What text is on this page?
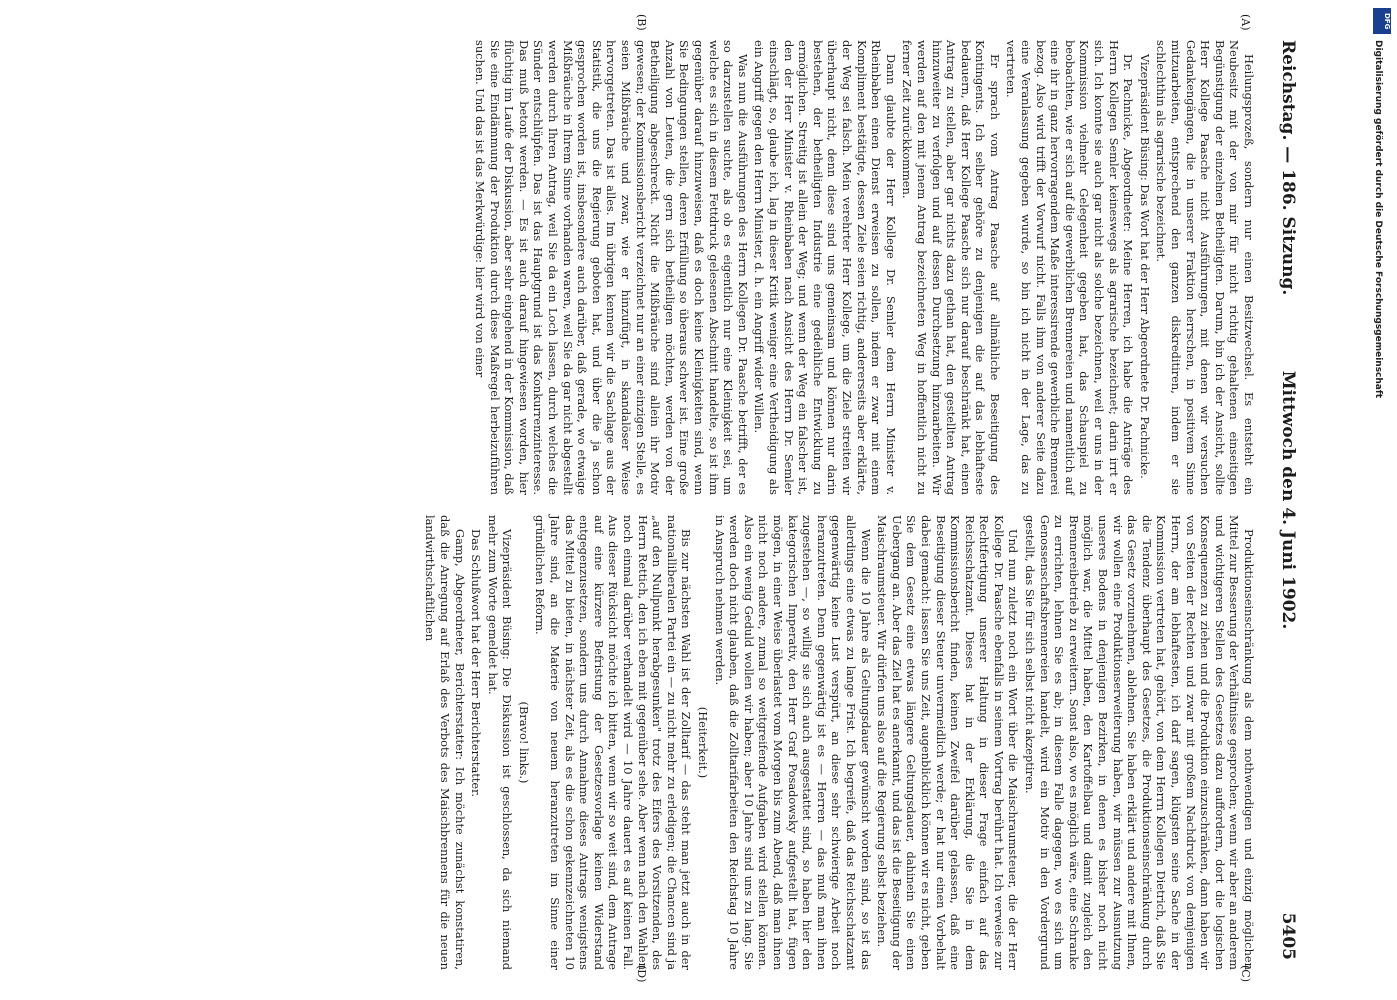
Reichstag. — 186. Sitzung.
Mittwoch den 4. Juni 1902.
5405
(A)
(B)
(C)
(D)

Heilungsprozeß, sondern nur einen Besitzwechsel. Es entsteht ein Neubesitz mit der von mir für nicht richtig gehaltenen einseitigen Begünstigung der einzelnen Betheiligten. Darum, bin ich der Ansicht, sollte Herr Kollege Paasche nicht Ausführungen, mit denen wir versuchen Gedankengängen, die in unserer Fraktion herrschen, in positivem Sinne mitzuarbeiten, entsprechend den ganzen diskreditiren, indem er sie schlechthin als agrarische bezeichnet.

Vizepräsident Büsing: Das Wort hat der Herr Abgeordnete Dr. Pachnicke.

Dr. Pachnicke, Abgeordneter: Meine Herren, ich habe die Anträge des Herrn Kollegen Semler keineswegs als agrarische bezeichnet; darin irrt er sich. Ich konnte sie auch gar nicht als solche bezeichnen, weil er uns in der Kommission vielmehr Gelegenheit gegeben hat, das Schauspiel zu beobachten, wie er sich auf die gewerblichen Brennereien und namentlich auf eine ihr in ganz hervorragendem Maße interessirende gewerbliche Brennerei bezog. Also wird trifft der Vorwurf nicht. Falls ihm von anderer Seite dazu eine Veranlassung gegeben wurde, so bin ich nicht in der Lage, das zu vertreten.

Er sprach vom Antrag Paasche auf allmähliche Beseitigung des Kontingents. Ich selber gehöre zu denjenigen die auf das lebhafteste bedauern, daß Herr Kollege Paasche sich nur darauf beschränkt hat, einen Antrag zu stellen, aber gar nichts dazu gethan hat, den gestellten Antrag hinzuweiter zu verfolgen und auf dessen Durchsetzung hinzuarbeiten. Wir werden auf den mit jenem Antrag bezeichneten Weg in hoffentlich nicht zu ferner Zeit zurückkommen.

Dann glaubte der Herr Kollege Dr. Semler dem Herrn Minister v. Rheinbaben einen Dienst erweisen zu sollen, indem er zwar mit einem Kompliment bestätigte, dessen Ziele seien richtig, andererseits aber erklärte, der Weg sei falsch. Mein verehrter Herr Kollege, um die Ziele streiten wir überhaupt nicht, denn diese sind uns gemeinsam und können nur darin bestehen, der betheiligten Industrie eine gedeihliche Entwicklung zu ermöglichen. Streitig ist allein der Weg; und wenn der Weg ein falscher ist, den der Herr Minister v. Rheinbaben nach Ansicht des Herrn Dr. Semler einschlägt, so, glaube ich, lag in dieser Kritik weniger eine Vertheidigung als ein Angriff gegen den Herrn Minister, d. h. ein Angriff wider Willen.

Was nun die Ausführungen des Herrn Kollegen Dr. Paasche betrifft, der es so darzustellen suchte, als ob es eigentlich nur eine Kleinigkeit sei, um welche es sich in diesem Fettdruck gelesenen Abschnitt handelte, so ist ihm gegenüber darauf hinzuweisen, daß es doch keine Kleinigkeiten sind, wenn Sie Bedingungen stellen, deren Erfüllung so überaus schwer ist. Eine große Anzahl von Leuten, die gern sich betheiligen möchten, werden von der Betheiligung abgeschreckt. Nicht die Mißbräuche sind allein ihr Motiv gewesen; der Kommissionsbericht verzeichnet nur an einer einzigen Stelle, es seien Mißbräuche und zwar, wie er hinzufügt, in skandalöser Weise hervorgetreten. Das ist alles. Im übrigen kennen wir die Sachlage aus der Statistik, die uns die Regierung geboten hat, und über die ja schon gesprochen worden ist, insbesondere auch darüber, daß gerade, wo etwaige Mißbräuche in Ihrem Sinne vorhanden waren, weil Sie da gar nicht abgestellt werden durch Ihren Antrag, weil Sie da ein Loch lassen, durch welches die Sünder entschlüpfen. Das ist das Hauptgrund ist das Konkurrenzinteresse. Das muß betont werden. — Es ist auch darauf hingewiesen worden, hier flüchtig im Laufe der Diskussion, aber sehr eingehend in der Kommission, daß Sie eine Eindämmung der Produktion durch diese Maßregel herbeizuführen suchen. Und das ist das Merkwürdige: hier wird von einer

Produktionseinschränkung als dem nothwendigen und einzig möglichen Mittel zur Besserung der Verhältnisse gesprochen; wenn wir aber an anderem und wichtigeren Stellen des Gesetzes dazu auffordern, dort die logischen Konsequenzen zu ziehen und die Produktion einzuschränken, dann haben wir von Seiten der Rechten und zwar mit großem Nachdruck von demjenigen Herrn, der am lebhaftesten, ich darf sagen, klügsten seine Sache in der Kommission vertreten hat, gehört, von dem Herrn Kollegen Dietrich, daß Sie die Tendenz überhaupt des Gesetzes, die Produktionseinschränkung durch das Gesetz vorzunehmen, ablehnen. Sie haben erklärt und andere mit Ihnen, wir wollen eine Produktionserweiterung haben, wir müssen zur Ausnutzung unseres Bodens in denjenigen Bezirken, in denen es bisher noch nicht möglich war, die Mittel haben, den Kartoffelbau und damit zugleich den Brennereibetrieb zu erweitern. Sonst also, wo es möglich wäre, eine Schranke zu errichten, lehnen Sie es ab; in diesem Falle dagegen, wo es sich um Genossenschaftsbrennereien handelt, wird ein Motiv in den Vordergrund gestellt, das Sie für sich selbst nicht akzeptiren.

Und nun zuletzt noch ein Wort über die Maischraumsteuer, die der Herr Kollege Dr. Paasche ebenfalls in seinem Vortrag berührt hat. Ich verweise zur Rechtfertigung unserer Haltung in dieser Frage einfach auf das Reichsschatzamt. Dieses hat in der Erklärung, die Sie in dem Kommissionsbericht finden, keinen Zweifel darüber gelassen, daß eine Beseitigung dieser Steuer unvermeidlich werde; er hat nur einen Vorbehalt dabei gemacht: lassen Sie uns Zeit, augenblicklich können wir es nicht, geben Sie dem Gesetz eine etwas längere Geltungsdauer, dahinein Sie einen Uebergang an. Aber das Ziel hat es anerkannt, und das ist die Beseitigung der Maischraumsteuer. Wir dürfen uns also auf die Regierung selbst beziehen.

Wenn die 10 Jahre als Geltungsdauer gewünscht worden sind, so ist das allerdings eine etwas zu lange Frist. Ich begreife, daß das Reichsschatzamt gegenwärtig keine Lust verspürt, an diese sehr schwierige Arbeit noch heranzutreten. Denn gegenwärtig ist es — Herren — das muß man ihnen zugestehen —, so willig sie sich auch ausgestattet sind, so haben hier den kategorischen Imperativ, den Herr Graf Posadowsky aufgestellt hat, fügen mögen, in einer Weise überlastet vom Morgen bis zum Abend, daß man ihnen nicht noch andere, zumal so weitgreifende Aufgaben wird stellen können. Also ein wenig Geduld wollen wir haben; aber 10 Jahre sind uns zu lang. Sie werden doch nicht glauben, daß die Zolltarifarbeiten den Reichstag 10 Jahre in Anspruch nehmen werden.

(Heiterkeit.)

Bis zur nächsten Wahl ist der Zolltarif — das steht man jetzt auch in der nationalliberalen Partei ein — zu nicht mehr zu erledigen; die Chancen sind ja „auf den Nullpunkt herabgesunken" trotz des Eifers des Vorsitzenden, des Herrn Rettich, den ich eben mit gegenüber sehe. Aber wenn nach den Wahlen noch einmal darüber verhandelt wird — 10 Jahre dauert es auf keinen Fall. Aus dieser Rücksicht möchte ich bitten, wenn wir so weit sind, dem Antrage auf eine kürzere Befristung der Gesetzesvorlage keinen Widerstand entgegenzusetzen, sondern uns durch Annahme dieses Antrags wenigstens das Mittel zu bieten, in nächster Zeit, als es die schon gekennzeichneten 10 Jahre sind, an die Materie von neuem heranzutreten im Sinne einer gründlichen Reform.

(Bravo! links.)

Vizepräsident Büsing: Die Diskussion ist geschlossen, da sich niemand mehr zum Worte gemeldet hat.

Das Schlußwort hat der Herr Berichterstatter.

Gamp, Abgeordneter, Berichterstatter: Ich möchte zunächst konstatiren, daß die Anregung auf Erlaß des Verbots des Maischbrennens für die neuen landwirthschaftlichen

DFG
Digitalisierung gefördert durch die Deutsche Forschungsgemeinschaft
